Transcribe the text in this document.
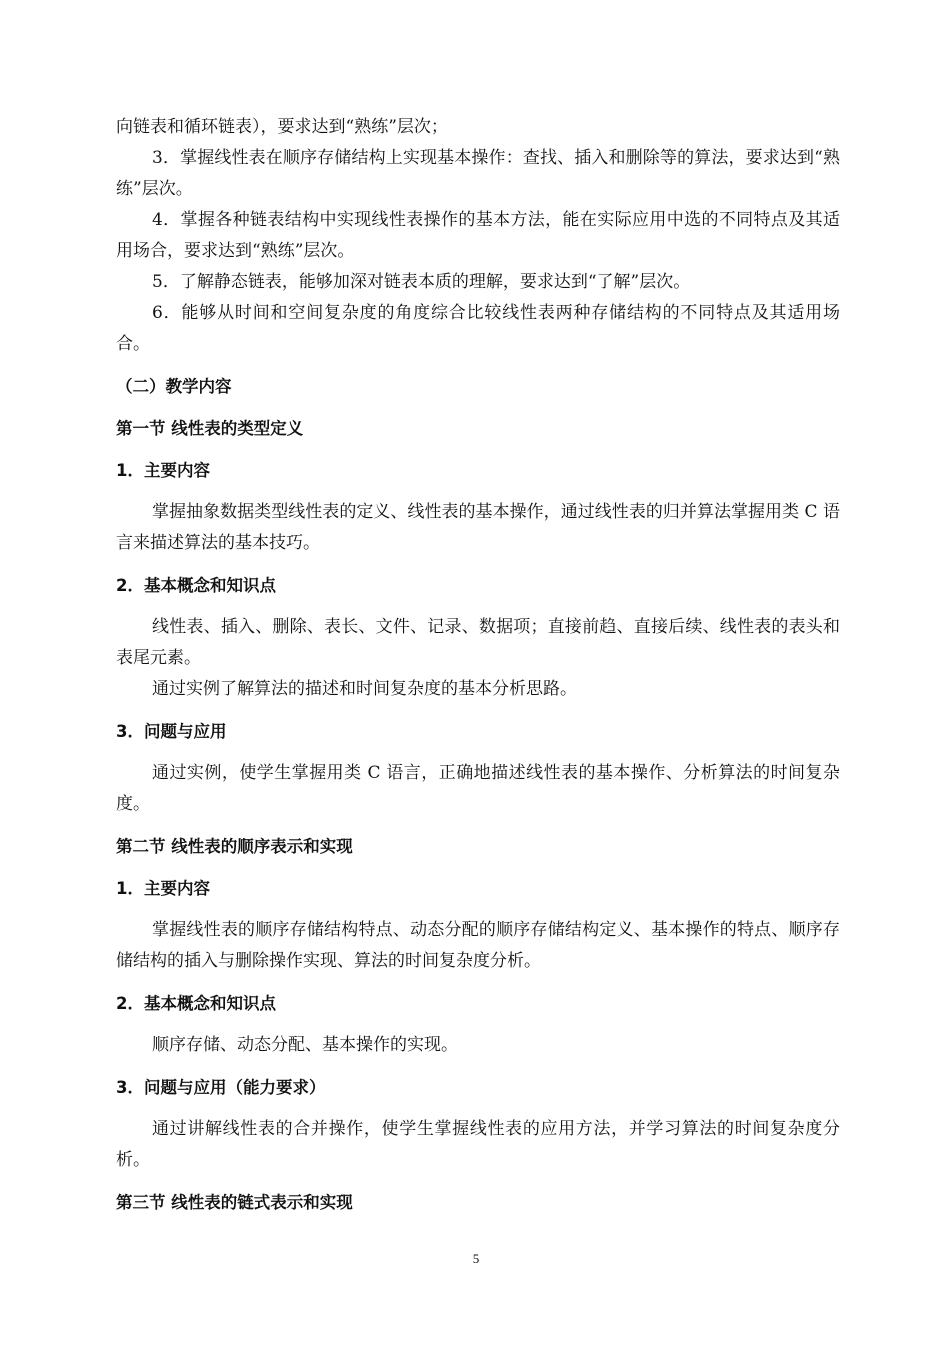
向链表和循环链表），要求达到“熟练”层次；

3．掌握线性表在顺序存储结构上实现基本操作：查找、插入和删除等的算法，要求达到“熟练”层次。

4．掌握各种链表结构中实现线性表操作的基本方法，能在实际应用中选的不同特点及其适用场合，要求达到“熟练”层次。

5．了解静态链表，能够加深对链表本质的理解，要求达到“了解”层次。

6．能够从时间和空间复杂度的角度综合比较线性表两种存储结构的不同特点及其适用场合。

（二）教学内容

第一节 线性表的类型定义

1．主要内容

掌握抽象数据类型线性表的定义、线性表的基本操作，通过线性表的归并算法掌握用类 C 语言来描述算法的基本技巧。

2．基本概念和知识点

线性表、插入、删除、表长、文件、记录、数据项；直接前趋、直接后续、线性表的表头和表尾元素。

通过实例了解算法的描述和时间复杂度的基本分析思路。

3．问题与应用

通过实例，使学生掌握用类 C 语言，正确地描述线性表的基本操作、分析算法的时间复杂度。

第二节 线性表的顺序表示和实现

1．主要内容

掌握线性表的顺序存储结构特点、动态分配的顺序存储结构定义、基本操作的特点、顺序存储结构的插入与删除操作实现、算法的时间复杂度分析。

2．基本概念和知识点

顺序存储、动态分配、基本操作的实现。

3．问题与应用（能力要求）

通过讲解线性表的合并操作，使学生掌握线性表的应用方法，并学习算法的时间复杂度分析。

第三节 线性表的链式表示和实现

5
